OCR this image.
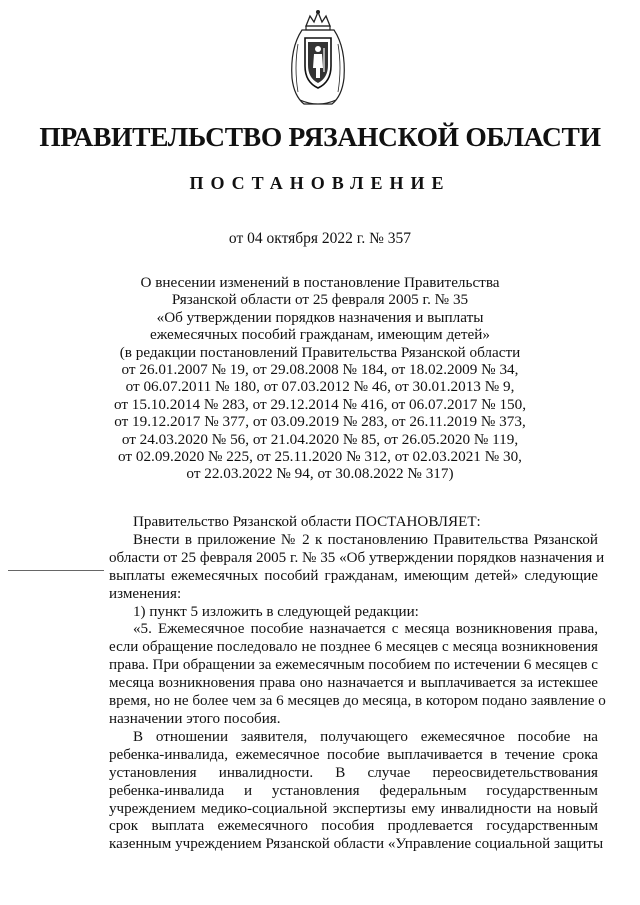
ПРАВИТЕЛЬСТВО РЯЗАНСКОЙ ОБЛАСТИ
ПОСТАНОВЛЕНИЕ
от 04 октября 2022 г. № 357
О внесении изменений в постановление Правительства
Рязанской области от 25 февраля 2005 г. № 35
«Об утверждении порядков назначения и выплаты
ежемесячных пособий гражданам, имеющим детей»
(в редакции постановлений Правительства Рязанской области
от 26.01.2007 № 19, от 29.08.2008 № 184, от 18.02.2009 № 34,
от 06.07.2011 № 180, от 07.03.2012 № 46, от 30.01.2013 № 9,
от 15.10.2014 № 283, от 29.12.2014 № 416, от 06.07.2017 № 150,
от 19.12.2017 № 377, от 03.09.2019 № 283, от 26.11.2019 № 373,
от 24.03.2020 № 56, от 21.04.2020 № 85, от 26.05.2020 № 119,
от 02.09.2020 № 225, от 25.11.2020 № 312, от 02.03.2021 № 30,
от 22.03.2022 № 94, от 30.08.2022 № 317)
Правительство Рязанской области ПОСТАНОВЛЯЕТ:
Внести в приложение № 2 к постановлению Правительства Рязанской
области от 25 февраля 2005 г. № 35 «Об утверждении порядков назначения и
выплаты ежемесячных пособий гражданам, имеющим детей» следующие
изменения:
1) пункт 5 изложить в следующей редакции:
«5. Ежемесячное пособие назначается с месяца возникновения права,
если обращение последовало не позднее 6 месяцев с месяца возникновения
права. При обращении за ежемесячным пособием по истечении 6 месяцев с
месяца возникновения права оно назначается и выплачивается за истекшее
время, но не более чем за 6 месяцев до месяца, в котором подано заявление о
назначении этого пособия.
В отношении заявителя, получающего ежемесячное пособие на
ребенка-инвалида, ежемесячное пособие выплачивается в течение срока
установления инвалидности. В случае переосвидетельствования
ребенка-инвалида и установления федеральным государственным
учреждением медико-социальной экспертизы ему инвалидности на новый
срок выплата ежемесячного пособия продлевается государственным
казенным учреждением Рязанской области «Управление социальной защиты
